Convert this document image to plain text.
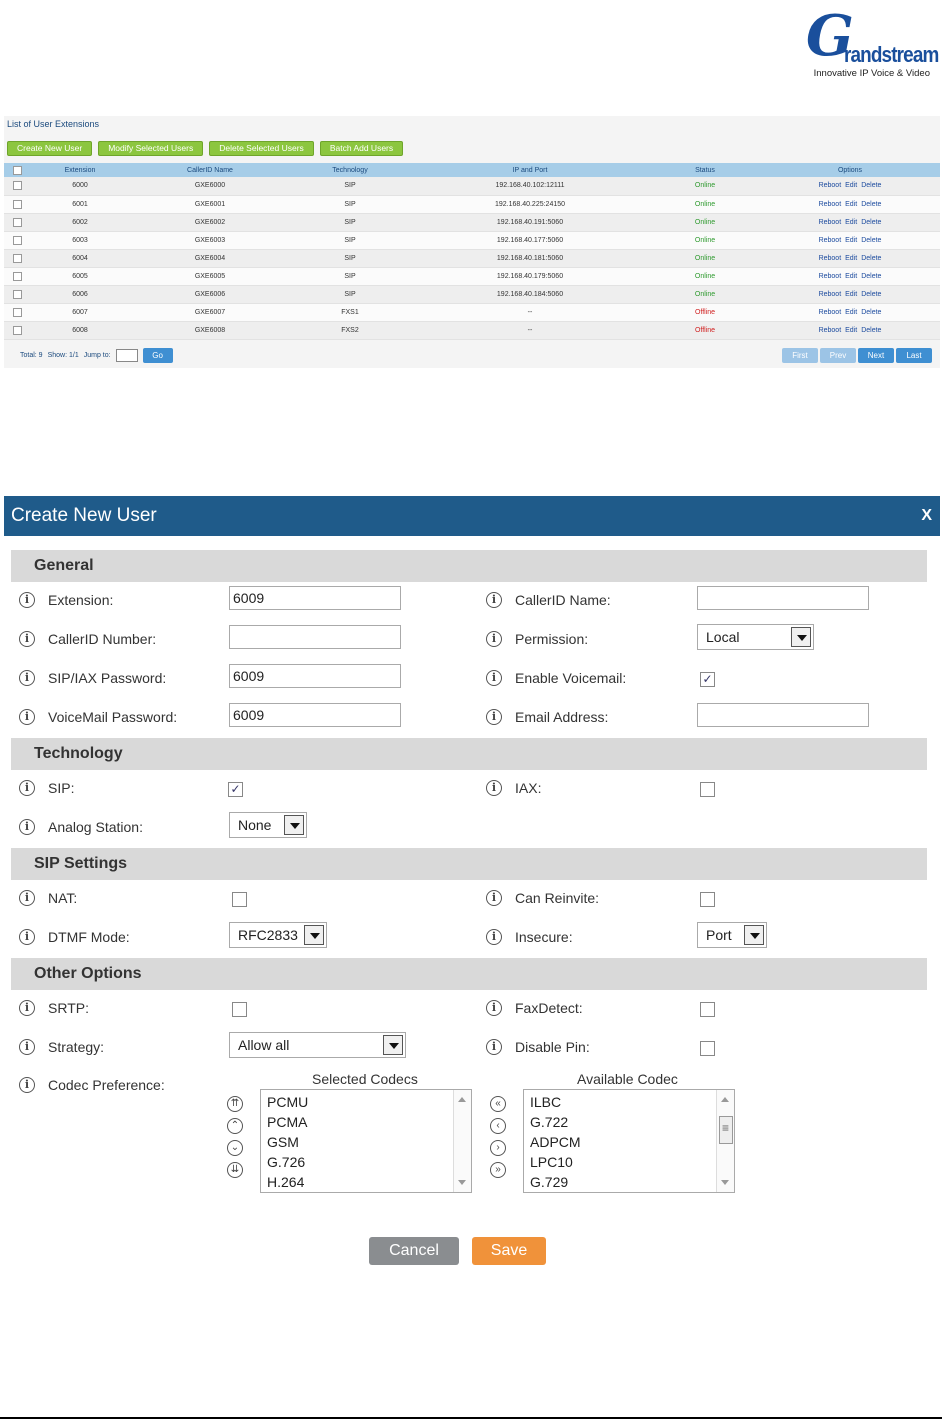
G
randstream
Innovative IP Voice & Video
List of User Extensions
Create New User	Modify Selected Users	Delete Selected Users	Batch Add Users
	Extension	CallerID Name	Technology	IP and Port	Status	Options
	6000	GXE6000	SIP	192.168.40.102:12111	Online	Reboot Edit Delete
	6001	GXE6001	SIP	192.168.40.225:24150	Online	Reboot Edit Delete
	6002	GXE6002	SIP	192.168.40.191:5060	Online	Reboot Edit Delete
	6003	GXE6003	SIP	192.168.40.177:5060	Online	Reboot Edit Delete
	6004	GXE6004	SIP	192.168.40.181:5060	Online	Reboot Edit Delete
	6005	GXE6005	SIP	192.168.40.179:5060	Online	Reboot Edit Delete
	6006	GXE6006	SIP	192.168.40.184:5060	Online	Reboot Edit Delete
	6007	GXE6007	FXS1	--	Offline	Reboot Edit Delete
	6008	GXE6008	FXS2	--	Offline	Reboot Edit Delete
Total: 9 Show: 1/1 Jump to:	Go	First	Prev	Next	Last
Create New User	X
General
i	Extension:	6009	i	CallerID Name:
i	CallerID Number:	i	Permission:	Local
i	SIP/IAX Password:	6009	i	Enable Voicemail:	✓
i	VoiceMail Password:	6009	i	Email Address:
Technology
i	SIP:	✓	i	IAX:
i	Analog Station:	None
SIP Settings
i	NAT:	i	Can Reinvite:
i	DTMF Mode:	RFC2833	i	Insecure:	Port
Other Options
i	SRTP:	i	FaxDetect:
i	Strategy:	Allow all	i	Disable Pin:
i	Codec Preference:	Selected Codecs	Available Codec
⇈
⌃
⌄
⇊
PCMU
PCMA
GSM
G.726
H.264
«
‹
›
»
ILBC
G.722
ADPCM
LPC10
G.729
≡
Cancel	Save
